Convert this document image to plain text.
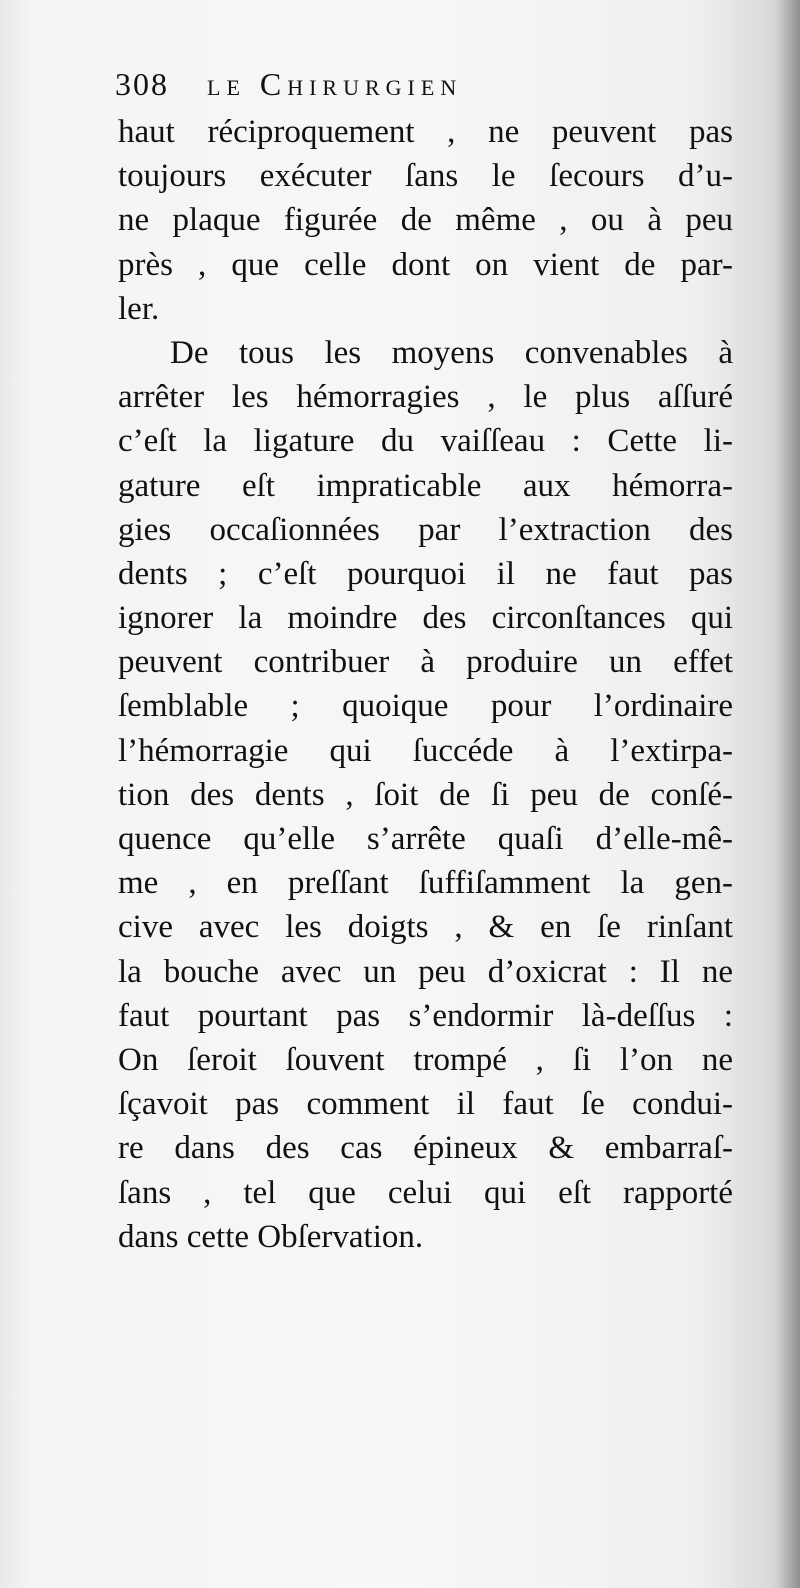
308 le Chirurgien
haut réciproquement , ne peuvent pas
toujours exécuter ſans le ſecours d’u-
ne plaque figurée de même , ou à peu
près , que celle dont on vient de par-
ler.
De tous les moyens convenables à
arrêter les hémorragies , le plus aſſuré
c’eſt la ligature du vaiſſeau : Cette li-
gature eſt impraticable aux hémorra-
gies occaſionnées par l’extraction des
dents ; c’eſt pourquoi il ne faut pas
ignorer la moindre des circonſtances qui
peuvent contribuer à produire un effet
ſemblable ; quoique pour l’ordinaire
l’hémorragie qui ſuccéde à l’extirpa-
tion des dents , ſoit de ſi peu de conſé-
quence qu’elle s’arrête quaſi d’elle-mê-
me , en preſſant ſuffiſamment la gen-
cive avec les doigts , & en ſe rinſant
la bouche avec un peu d’oxicrat : Il ne
faut pourtant pas s’endormir là-deſſus :
On ſeroit ſouvent trompé , ſi l’on ne
ſçavoit pas comment il faut ſe condui-
re dans des cas épineux & embarraſ-
ſans , tel que celui qui eſt rapporté
dans cette Obſervation.
